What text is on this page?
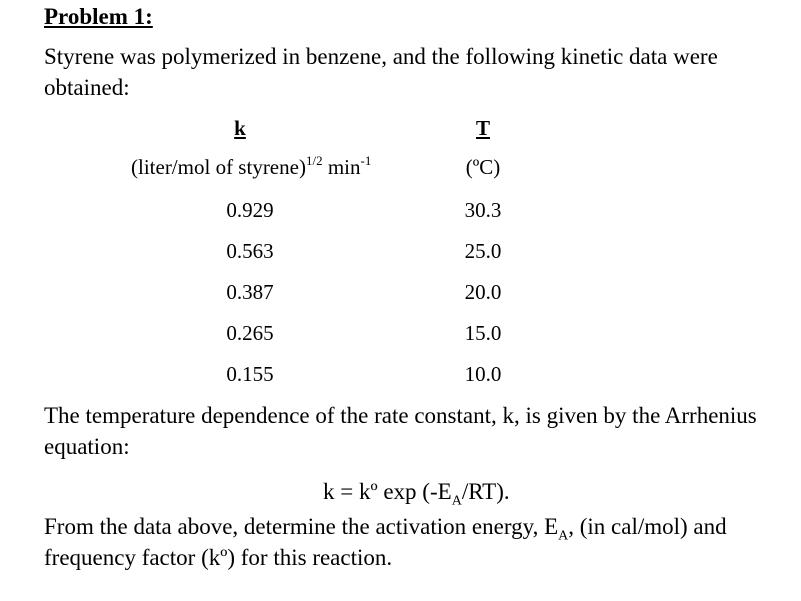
Problem 1:
Styrene was polymerized in benzene, and the following kinetic data were obtained:
k	T
(liter/mol of styrene)$^{1/2}$ $\min^{-1}$	(ºC)
0.929	30.3
0.563	25.0
0.387	20.0
0.265	15.0
0.155	10.0
The temperature dependence of the rate constant, k, is given by the Arrhenius equation:
k = kº $\exp (-E_A/RT)$.
From the data above, determine the activation energy, $E_A$, (in cal/mol) and frequency factor (kº) for this reaction.
